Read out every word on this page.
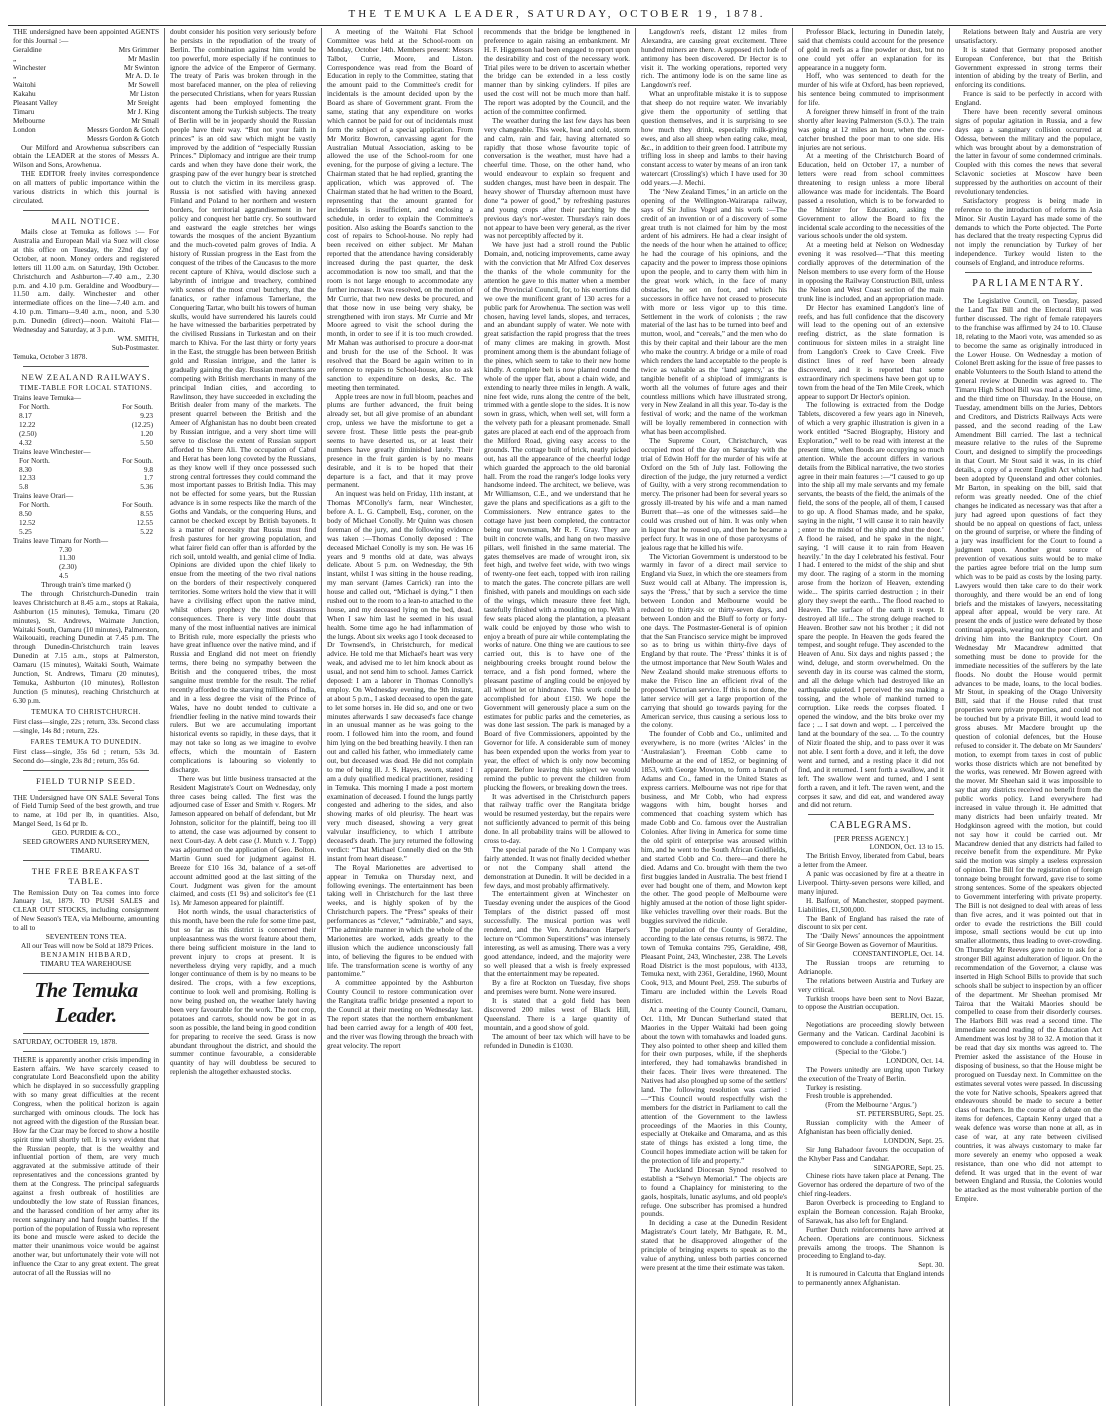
THE TEMUKA LEADER, SATURDAY, OCTOBER 19, 1878.

THE undersigned have been appointed AGENTS for this Journal :—

Geraldine	Mrs Grimmer
„	Mr Maslin
Winchester	Mr Swinton
„	Mr A. D. Ie
Waitohi	Mr Sowell
Kakahu	Mr Liston
Pleasant Valley	Mr Sreight
Timaru	Mr J. King
Melbourne	Mr Small
London	Messrs Gordon & Gotch
Messrs Gordon & Gotch

Our Milford and Arowhenua subscribers can obtain the LEADER at the stores of Messrs A. Wilson and Sons, Arowhenua.

THE EDITOR freely invites correspondence on all matters of public importance within the various districts in which this journal is circulated.

MAIL NOTICE.

Mails close at Temuka as follows :— For Australia and European Mail via Suez will close at this office on Tuesday, the 22nd day of October, at noon. Money orders and registered letters till 11.00 a.m. on Saturday, 19th October. Christchurch and Ashburton—7.40 a.m., 2.30 p.m. and 4.10 p.m. Geraldine and Woodbury—11.50 a.m. daily. Winchester and other intermediate offices on the line—7.40 a.m. and 4.10 p.m. Timaru—9.40 a.m., noon, and 5.30 p.m. Dunedin (direct)—noon. Waitohi Flat—Wednesday and Saturday, at 3 p.m.

WM. SMITH,
Sub-Postmaster.
Temuka, October 3 1878.
NEW ZEALAND RAILWAYS.
TIME-TABLE FOR LOCAL STATIONS.
Trains leave Temuka—
For North.	For South.
8.17	9.23
12.22	(12.25)
(2.50)	1.20
4.32	5.50
Trains leave Winchester—
For North.	For South.
8.30	9.8
12.33	1.7
5.8	5.36
Trains leave Orari—
For North.	For South.
8.50	8.55
12.52	12.55
5.25	5.22
Trains leave Timaru for North—
7.30
11.30
(2.30)
4.5
Through train's time marked ()

The through Christchurch-Dunedin train leaves Christchurch at 8.45 a.m., stops at Rakaia, Ashburton (15 minutes), Temuka, Timaru (20 minutes), St. Andrews, Waimate Junction, Waitaki South, Oamaru (10 minutes), Palmerston, Waikouaiti, reaching Dunedin at 7.45 p.m. The through Dunedin-Christchurch train leaves Dunedin at 7.15 a.m., stops at Palmerston, Oamaru (15 minutes), Waitaki South, Waimate Junction, St. Andrews, Timaru (20 minutes), Temuka, Ashburton (10 minutes), Rolleston Junction (5 minutes), reaching Christchurch at 6.30 p.m.

TEMUKA TO CHRISTCHURCH.

First class—single, 22s ; return, 33s. Second class—single, 14s 8d ; return, 22s.

FARES TEMUKA TO DUNEDIN.

First class—single, 35s 6d ; return, 53s 3d. Second do—single, 23s 8d ; return, 35s 6d.

FIELD TURNIP SEED.

THE Undersigned have ON SALE Several Tons of Field Turnip Seed of the best growth, and true to name, at 10d per lb, in quantities. Also, Mangel Seed, 1s 6d pr lb.

GEO. PURDIE & CO.,
SEED GROWERS AND NURSERYMEN,
TIMARU.
THE FREE BREAKFAST TABLE.

The Remission Duty on Tea comes into force January 1st, 1879. TO PUSH SALES and CLEAR OUT STOCKS, including consignment of New Season's TEA, via Melbourne, amounting to all to

SEVENTEEN TONS TEA.

All our Teas will now be Sold at 1879 Prices.

BENJAMIN HIBBARD,
TIMARU TEA WAREHOUSE
The Temuka Leader.
SATURDAY, OCTOBER 19, 1878.

THERE is apparently another crisis impending in Eastern affairs. We have scarcely ceased to congratulate Lord Beaconsfield upon the ability which he displayed in so successfully grappling with so many great difficulties at the recent Congress, when the political horizon is again surcharged with ominous clouds. The lock has not agreed with the digestion of the Russian bear. How far the Czar may be forced to show a hostile spirit time will shortly tell. It is very evident that the Russian people, that is the wealthy and influential portion of them, are very much aggravated at the submissive attitude of their representatives and the concessions granted by them at the Congress. The principal safeguards against a fresh outbreak of hostilities are undoubtedly the low state of Russian finances, and the harassed condition of her army after its recent sanguinary and hard fought battles. If the portion of the population of Russia who represent its bone and muscle were asked to decide the matter their unanimous voice would be against another war, but unfortunately their vote will not influence the Czar to any great extent. The great autocrat of all the Russias will no

doubt consider his position very seriously before he persists in the repudiation of the treaty of Berlin. The combination against him would be too powerful, more especially if he continues to ignore the advice of the Emperor of Germany. The treaty of Paris was broken through in the most barefaced manner, on the plea of relieving the persecuted Christians, when for years Russian agents had been employed fomenting the discontent among the Turkish subjects. The treaty of Berlin will be in jeopardy should the Russian people have their way. “But not your faith in princes” is an old saw which might be vastly improved by the addition of “especially Russian Princes.” Diplomacy and intrigue are their trump cards and when they have done their work, the grasping paw of the ever hungry bear is stretched out to clutch the victim in its merciless grasp. Russia is not satisfied with having annexed Finland and Poland to her northern and western borders, for territorial aggrandisement in her policy and conquest her battle cry. So southward and eastward the eagle stretches her wings towards the mosques of the ancient Byzantium and the much-coveted palm groves of India. A history of Russian progress in the East from the conquest of the tribes of the Caucasus to the more recent capture of Khiva, would disclose such a labyrinth of intrigue and treachery, combined with scenes of the most cruel butchery, that the fanatics, or rather infamous Tamerlane, the Conquering Tartar, who built his towers of human skulls, would have surrendered his laurels could he have witnessed the barbarities perpetrated by the civilised Russians in Turkestan and on their march to Khiva. For the last thirty or forty years in the East, the struggle has been between British gold and Russian intrigue, and the latter is gradually gaining the day. Russian merchants are competing with British merchants in many of the principal Indian cities, and according to Rawlinson, they have succeeded in excluding the British dealer from many of the markets. The present quarrel between the British and the Ameer of Afghanistan has no doubt been created by Russian intrigue, and a very short time will serve to disclose the extent of Russian support afforded to Shere Ali. The occupation of Cabul and Herat has been long coveted by the Russians, as they know well if they once possessed such strong central fortresses they could command the most important passes to British India. This may not be effected for some years, but the Russian advance is in some respects like the march of the Goths and Vandals, or the conquering Huns, and cannot be checked except by British bayonets. It is a matter of necessity that Russia must find fresh pastures for her growing population, and what fairer field can offer than is afforded by the rich soil, untold wealth, and genial clime of India. Opinions are divided upon the chief likely to ensue from the meeting of the two rival nations on the borders of their respectively conquered territories. Some writers hold the view that it will have a civilising effect upon the native mind, whilst others prophecy the most disastrous consequences. There is very little doubt that many of the most influential natives are inimical to British rule, more especially the priests who have great influence over the native mind, and if Russia and England did not meet on friendly terms, there being no sympathy between the British and the conquered tribes, the most sanguine must tremble for the result. The relief recently afforded to the starving millions of India, and in a less degree the visit of the Prince of Wales, have no doubt tended to cultivate a friendlier feeling in the native mind towards their rulers. But we are accumulating important historical events so rapidly, in these days, that it may not take so long as we imagine to evolve effects, which the mountain of Eastern complications is labouring so violently to discharge.

There was but little business transacted at the Resident Magistrate's Court on Wednesday, only three cases being called. The first was the adjourned case of Esser and Smith v. Rogers. Mr Jameson appeared on behalf of defendant, but Mr Johnston, solicitor for the plaintiff, being too ill to attend, the case was adjourned by consent to next Court-day. A debt case (J. Mutch v. J. Topp) was adjourned on the application of Geo. Bolton. Martin Gunn sued for judgment against H. Breeze for £10 16s 3d, balance of a set-off account admitted good at the last sitting of the Court. Judgment was given for the amount claimed, and costs (£1 9s) and solicitor's fee (£1 1s). Mr Jameson appeared for plaintiff.

Hot north winds, the usual characteristics of this month, have been the rule for some time past, but so far as this district is concerned their unpleasantness was the worst feature about them, there being sufficient moisture in the land to prevent injury to crops at present. It is nevertheless drying very rapidly, and a much longer continuance of them is by no means to be desired. The crops, with a few exceptions, continue to look well and promising. Rolling is now being pushed on, the weather lately having been very favourable for the work. The root crop, potatoes and carrots, should now be got in as soon as possible, the land being in good condition for preparing to receive the seed. Grass is now abundant throughout the district, and should the summer continue favourable, a considerable quantity of hay will doubtless be secured to replenish the altogether exhausted stocks.

A meeting of the Waitohi Flat School Committee was held at the School-room on Monday, October 14th. Members present: Messrs Talbot, Currie, Moore, and Liston. Correspondence was read from the Board of Education in reply to the Committee, stating that the amount paid to the Committee's credit for incidentals is the amount decided upon by the Board as share of Government grant. From the same, stating that any expenditure on works which cannot be paid for out of incidentals must form the subject of a special application. From Mr Moritz Bowron, canvassing agent for the Australian Mutual Association, asking to be allowed the use of the School-room for one evening, for the purpose of giving a lecture. The Chairman stated that he had replied, granting the application, which was approved of. The Chairman stated that he had written to the Board, representing that the amount granted for incidentals is insufficient, and enclosing a schedule, in order to explain the Committee's position. Also asking the Board's sanction to the cost of repairs to School-house. No reply had been received on either subject. Mr Mahan reported that the attendance having considerably increased during the past quarter, the desk accommodation is now too small, and that the room is not large enough to accommodate any further increase. It was resolved, on the motion of Mr Currie, that two new desks be procured, and that those now in use being very shaky, be strengthened with iron stays. Mr Currie and Mr Moore agreed to visit the school during the month, in order to see if it is too much crowded. Mr Mahan was authorised to procure a door-mat and brush for the use of the School. It was resolved that the Board be again written to in reference to repairs to School-house, also to ask sanction to expenditure on desks, &c. The meeting then terminated.

Apple trees are now in full bloom, peaches and plums are further advanced, the fruit being already set, but all give promise of an abundant crop, unless we have the misfortune to get a severe frost. These little pests the pear-grub seems to have deserted us, or at least their numbers have greatly diminished lately. Their presence in the fruit garden is by no means desirable, and it is to be hoped that their departure is a fact, and that it may prove permanent.

An inquest was held on Friday, 11th instant, at Thomas M'Conolly's farm, near Winchester, before A. L. G. Campbell, Esq., coroner, on the body of Michael Conolly. Mr Quinn was chosen foreman of the jury, and the following evidence was taken :—Thomas Conolly deposed : The deceased Michael Conolly is my son. He was 16 years and 9 months old at date, was always delicate. About 5 p.m. on Wednesday, the 9th instant, whilst I was sitting in the house reading, my man servant (James Carrick) ran into the house and called out, “Michael is dying.” I then rushed out to the room to a lean-to attached to the house, and my deceased lying on the bed, dead. When I saw him last he seemed in his usual health. Some time ago he had inflammation of the lungs. About six weeks ago I took deceased to Dr Townsend's, in Christchurch, for medical advice. He told me that Michael's heart was very weak, and advised me to let him knock about as usual, and not send him to school. James Carrick deposed: I am a laborer in Thomas Connolly's employ. On Wednesday evening, the 9th instant, at about 5 p.m., I asked deceased to open the gate to let some horses in. He did so, and one or two minutes afterwards I saw deceased's face change in an unusual manner as he was going to the room. I followed him into the room, and found him lying on the bed breathing heavily. I then ran out and called his father, who immediately came out, but deceased was dead. He did not complain to me of being ill. J. S. Hayes, sworn, stated : I am a duly qualified medical practitioner, residing in Temuka. This morning I made a post mortem examination of deceased. I found the lungs partly congested and adhering to the sides, and also showing marks of old pleurisy. The heart was very much diseased, showing a very great valvular insufficiency, to which I attribute deceased's death. The jury returned the following verdict: “That Michael Connelly died on the 9th instant from heart disease.”

The Royal Marionettes are advertised to appear in Temuka on Thursday next, and following evenings. The entertainment has been taking well in Christchurch for the last three weeks, and is highly spoken of by the Christchurch papers. The “Press” speaks of their performances as “clever,” “admirable,” and says, “The admirable manner in which the whole of the Marionettes are worked, adds greatly to the illusion which the audience unconsciously fall into, of believing the figures to be endued with life. The transformation scene is worthy of any pantomime.”

A committee appointed by the Ashburton County Council to restore communication over the Rangitata traffic bridge presented a report to the Council at their meeting on Wednesday last. The report states that the northern embankment had been carried away for a length of 400 feet, and the river was flowing through the breach with great velocity. The report

recommends that the bridge be lengthened in preference to again raising an embankment. Mr H. F. Higgenson had been engaged to report upon the desirability and cost of the necessary work. Trial piles were to be driven to ascertain whether the bridge can be extended in a less costly manner than by sinking cylinders. If piles are used the cost will not be much more than half. The report was adopted by the Council, and the action of the committee confirmed.

The weather during the last few days has been very changeable. This week, heat and cold, storm and calm, rain and fair, having alternated so rapidly that those whose favourite topic of conversation is the weather, must have had a cheerful time. Those, on the other hand, who would endeavour to explain so frequent and sudden changes, must have been in despair. The heavy shower of Thursday afternoon must have done “a power of good,” by refreshing pastures and young crops after their parching by the previous day's nor'-wester. Thursday's rain does not appear to have been very general, as the river was not perceptibly affected by it.

We have just had a stroll round the Public Domain, and, noticing improvements, came away with the conviction that Mr Alfred Cox deserves the thanks of the whole community for the attention he gave to this matter when a member of the Provincial Council, for, to his exertions did we owe the munificent grant of 130 acres for a public park for Arowhenua. The section was well chosen, having level lands, slopes, and terraces, and an abundant supply of water. We note with great satisfaction the rapid progress that the trees of many climes are making in growth. Most prominent among them is the abundant foliage of the pines, which seem to take to their new home kindly. A complete belt is now planted round the whole of the upper flat, about a chain wide, and extending to nearly three miles in length. A walk, nine feet wide, runs along the centre of the belt, trimmed with a gentle slope to the sides. It is now sown in grass, which, when well set, will form a the velvety path for a pleasant promenade. Small gates are placed at each end of the approach from the Milford Road, giving easy access to the grounds. The cottage built of brick, neatly picked out, has all the appearance of the cheerful lodge which guarded the approach to the old baronial hall. From the road the ranger's lodge looks very handsome indeed. The architect, we believe, was Mr Williamson, C.E., and we understand that he gave the plans and specifications as a gift to the Commissioners. New entrance gates to the cottage have just been completed, the contractor being our townsman, Mr R. F. Gray. They are built in concrete walls, and hang on two massive pillars, well finished in the same material. The gates themselves are made of wrought iron, six feet high, and twelve feet wide, with two wings of twenty-one feet each, topped with iron railing to match the gates. The concrete pillars are well finished, with panels and mouldings on each side of the wings, which measure three feet high, tastefully finished with a moulding on top. With a few seats placed along the plantation, a pleasant walk could be enjoyed by those who wish to enjoy a breath of pure air while contemplating the works of nature. One thing we are cautious to see carried out, this is to have one of the neighbouring creeks brought round below the terrace, and a fish pond formed, where the pleasant pastime of angling could be enjoyed by all without let or hindrance. This work could be accomplished for about £150. We hope the Government will generously place a sum on the estimates for public parks and the cemeteries, as was done last session. The park is managed by a Board of five Commissioners, appointed by the Governor for life. A considerable sum of money has been expended upon the works from year to year, the effect of which is only now becoming apparent. Before leaving this subject we would remind the public to prevent the children from plucking the flowers, or breaking down the trees.

It was advertised in the Christchurch papers that railway traffic over the Rangitata bridge would be resumed yesterday, but the repairs were not sufficiently advanced to permit of this being done. In all probability trains will be allowed to cross to-day.

The special parade of the No 1 Company was fairly attended. It was not finally decided whether or not the Company shall attend the demonstration at Dunedin. It will be decided in a few days, and most probably affirmatively.

The entertainment given at Winchester on Tuesday evening under the auspices of the Good Templars of the district passed off most successfully. The musical portion was well rendered, and the Ven. Archdeacon Harper's lecture on “Common Superstitions” was intensely interesting, as well as amusing. There was a very good attendance, indeed, and the majority were so well pleased that a wish is freely expressed that the entertainment may be repeated.

By a fire at Rockton on Tuesday, five shops and premises were burnt. None were insured.

It is stated that a gold field has been discovered 200 miles west of Black Hill, Queensland. There is a large quantity of mountain, and a good show of gold.

The amount of beer tax which will have to be refunded in Dunedin is £1030.

Langdown's reefs, distant 12 miles from Alexandra, are causing great excitement. Three hundred miners are there. A supposed rich lode of antimony has been discovered. Dr Hector is to visit it. The working operations, reported very rich. The antimony lode is on the same line as Langdown's reef.

What an unprofitable mistake it is to suppose that sheep do not require water. We invariably give them the opportunity of settling that question themselves, and it is surprising to see how much they drink, especially milk-giving ewes, and also all sheep when eating cake, meal, &c., in addition to their green food. I attribute my trifling loss in sheep and lambs to their having constant access to water by means of an iron tank watercart (Crossling's) which I have used for 30 odd years.—J. Mechi.

The ‘New Zealand Times,’ in an article on the opening of the Wellington-Wairarapa railway, says of Sir Julius Vogel and his work :—The credit of an invention or of a discovery of some great truth is not claimed for him by the most ardent of his admirers. He had a clear insight of the needs of the hour when he attained to office; he had the courage of his opinions, and the capacity and the power to impress those opinions upon the people, and to carry them with him in the great work which, in the face of many obstacles, he set on foot, and which his successors in office have not ceased to prosecute with more or less vigor up to this time. Settlement in the work of colonists ; the raw material of the last has to be turned into beef and mutton, wool, and “cereals,” and the men who do this by their capital and their labour are the men who make the country. A bridge or a mile of road which renders the land acceptable to the people is twice as valuable as the ‘land agency,’ as the tangible benefit of a shipload of immigrants is worth all the volumes of future ages and their countless millions which have illustrated strong, very in New Zealand in all this year. To-day is the festival of work; and the name of the workman will be loyally remembered in connection with what has been accomplished.

The Supreme Court, Christchurch, was occupied most of the day on Saturday with the trial of Edwin Hoff for the murder of his wife at Oxford on the 5th of July last. Following the direction of the judge, the jury returned a verdict of Guilty, with a very strong recommendation to mercy. The prisoner had been for several years so grossly ill-treated by his wife and a man named Burrett that—as one of the witnesses said—he could was crushed out of him. It was only when in liquor that he roused up, and then he became a perfect fury. It was in one of those paroxysms of jealous rage that he killed his wife.

The Victorian Government is understood to be warmly in favor of a direct mail service to England via Suez, in which the ore steamers from Suez would call at Albany. The impression is, says the ‘Press,’ that by such a service the time between London and Melbourne would be reduced to thirty-six or thirty-seven days, and between London and the Bluff to forty or forty-one days. The Postmaster-General is of opinion that the San Francisco service might be improved so as to bring us within thirty-five days of England by that route. The ‘Press’ thinks it is of the utmost importance that New South Wales and New Zealand should make strenuous efforts to make the Frisco line an efficient rival of the proposed Victorian service. If this is not done, the latter service will get a large proportion of the carrying that should go towards paying for the American service, thus causing a serious loss to the colony.

The founder of Cobb and Co., unlimited and everywhere, is no more (writes ‘Alcles’ in the ‘Australasian’). Freeman Cobb came to Melbourne at the end of 1852, or beginning of 1853, with George Mowton, to form a branch of Adams and Co., famed in the United States as express carriers. Melbourne was not ripe for that business, and Mr Cobb, who had express waggons with him, bought horses and commenced that coaching system which has made Cobb and Co. famous over the Australian Colonies. After living in America for some time the old spirit of enterprise was aroused within him, and he went to the South African Goldfields, and started Cobb and Co. there—and there he died. Adams and Co. brought with them the two first buggies landed in Australia. The best friend I ever had bought one of them, and Mowton kept the other. The good people of Melbourne were highly amused at the notion of those light spider-like vehicles travelling over their roads. But the buggies survived the ridicule.

The population of the County of Geraldine, according to the late census returns, is 9872. The town of Temuka contains 795, Geraldine, 498, Pleasant Point, 243, Winchester, 238. The Levels Road District is the most populous, with 4133, Temuka next, with 2361, Geraldine, 1960, Mount Cook, 913, and Mount Peel, 259. The suburbs of Timaru are included within the Levels Road district.

At a meeting of the County Council, Oamaru, Oct. 11th, Mr Duncan Sutherland stated that Maories in the Upper Waitaki had been going about the town with tomahawks and loaded guns. They also pointed to other sheep and killed them for their own purposes, while, if the shepherds interfered, they had tomahawks brandished in their faces. Their lives were threatened. The Natives had also ploughed up some of the settlers' land. The following resolution was carried :—“This Council would respectfully wish the members for the district in Parliament to call the attention of the Government to the lawless proceedings of the Maories in this County, especially at Otekaike and Omarama, and as this state of things has existed a long time, the Council hopes immediate action will be taken for the protection of life and property.”

The Auckland Diocesan Synod resolved to establish a “Selwyn Memorial.” The objects are to found a Chaplaincy for ministering to the gaols, hospitals, lunatic asylums, and old people's refuge. One subscriber has promised a hundred pounds.

In deciding a case at the Dunedin Resident Magistrate's Court lately, Mr Bathgate, R. M., stated that he disapproved altogether of the principle of bringing experts to speak as to the value of anything, unless both parties concerned were present at the time their estimate was taken.

Professor Black, lecturing in Dunedin lately, said that chemists could account for the presence of gold in reefs as a fine powder or dust, but no one could yet offer an explanation for its appearance in a nuggety form.

Hoff, who was sentenced to death for the murder of his wife at Oxford, has been reprieved, his sentence being commuted to imprisonment for life.

A foreigner threw himself in front of the train shortly after leaving Palmerston (S.O.). The train was going at 12 miles an hour, when the cow-catcher brushed the poor man to one side. His injuries are not serious.

At a meeting of the Christchurch Board of Education, held on October 17, a number of letters were read from school committees threatening to resign unless a more liberal allowance was made for incidentals. The Board passed a resolution, which is to be forwarded to the Minister for Education, asking the Government to allow the Board to fix the incidental scale according to the necessities of the various schools under the old system.

At a meeting held at Nelson on Wednesday evening it was resolved—“That this meeting cordially approves of the determination of the Nelson members to use every form of the House in opposing the Railway Construction Bill, unless the Nelson and West Coast section of the main trunk line is included, and an appropriation made.

Dr Hector has examined Langdon's line of reefs, and has full confidence that the discovery will lead to the opening out of an extensive reefing district, as the slate formation is continuous for sixteen miles in a straight line from Langdon's Creek to Cave Creek. Five distinct lines of reef have been already discovered, and it is reported that some extraordinary rich specimens have been got up to town from the head of the Ten Mile Creek, which appear to support Dr Hector's opinion.

The following is extracted from the Dodge Tablets, discovered a few years ago in Nineveh, of which a very graphic illustration is given in a work entitled “Sacred Biography, History and Exploration,” well to be read with interest at the present time, when floods are occupying so much attention. While the account differs in various details from the Biblical narrative, the two stories agree in their main features :—“I caused to go up into the ship all my male servants and my female servants, the beasts of the field, the animals of the field, the sons of the people, all of them, I caused to go up. A flood Shamas made, and he spake, saying in the night, ‘I will cause it to rain heavily ; enter to the midst of the ship and shut the door.’ A flood he raised, and he spake in the night, saying, ‘I will cause it to rain from Heaven heavily.’ In the day I celebrated his festival. Four I had. I entered to the midst of the ship and shut my door. The raging of a storm in the morning arose from the horizon of Heaven, extending wide... The spirits carried destruction ; in their glory they swept the earth... The flood reached to Heaven. The surface of the earth it swept. It destroyed all life... The strong deluge reached to Heaven. Brother saw not his brother ; it did not spare the people. In Heaven the gods feared the tempest, and sought refuge. They ascended to the Heaven of Anu. Six days and nights passed ; the wind, deluge, and storm overwhelmed. On the seventh day in its course was calmed the storm, and all the deluge which had destroyed like an earthquake quieted. I perceived the sea making a tossing, and the whole of mankind turned to corruption. Like reeds the corpses floated. I opened the window, and the bits broke over my face ; ... I sat down and wept. ... I perceived the land at the boundary of the sea. ... To the country of Nizir floated the ship, and to pass over it was not able. I sent forth a dove, and it left, the dove went and turned, and a resting place it did not find, and it returned. I sent forth a swallow, and it left. The swallow went and turned, and I sent forth a raven, and it left. The raven went, and the corpses it saw, and did eat, and wandered away and did not return.

CABLEGRAMS.
[PER PRESS AGENCY.]
LONDON, Oct. 13 to 15.

The British Envoy, liberated from Cabul, bears a letter from the Ameer.

A panic was occasioned by fire at a theatre in Liverpool. Thirty-seven persons were killed, and many injured.

H. Balfour, of Manchester, stopped payment. Liabilities, £1,500,000.

The Bank of England has raised the rate of discount to six per cent.

The ‘Daily News’ announces the appointment of Sir George Bowen as Governor of Mauritius.

CONSTANTINOPLE, Oct. 14.

The Russian troops are returning to Adrianople.

The relations between Austria and Turkey are very critical.

Turkish troops have been sent to Novi Bazar, to oppose the Austrian occupation.

BERLIN, Oct. 15.

Negotiations are proceeding slowly between Germany and the Vatican. Cardinal Jacobini is empowered to conclude a confidential mission.

(Special to the ‘Globe.’)
LONDON, Oct. 14.

The Powers unitedly are urging upon Turkey the execution of the Treaty of Berlin.

Turkey is resisting.

Fresh trouble is apprehended.

(From the Melbourne ‘Argus.’)
ST. PETERSBURG, Sept. 25.

Russian complicity with the Ameer of Afghanistan has been officially denied.

LONDON, Sept. 25.

Sir Jung Bahadoor favours the occupation of the Khyber Pass and Candahar.

SINGAPORE, Sept. 25.

Chinese riots have taken place at Penang. The Governor has ordered the departure of two of the chief ring-leaders.

Baron Overbeck is proceeding to England to explain the Bornean concession. Rajah Brooke, of Sarawak, has also left for England.

Further Dutch reinforcements have arrived at Acheen. Operations are continuous. Sickness prevails among the troops. The Shannon is proceeding to England to-day.

Sept. 30.

It is rumoured in Calcutta that England intends to permanently annex Afghanistan.

Relations between Italy and Austria are very unsatisfactory.

It is stated that Germany proposed another European Conference, but that the British Government expressed in strong terms their intention of abiding by the treaty of Berlin, and enforcing its conditions.

France is said to be perfectly in accord with England.

There have been recently several ominous signs of popular agitation in Russia, and a few days ago a sanguinary collision occurred at Odessa, between the military and the populace, which was brought about by a demonstration of the latter in favour of some condemned criminals. Coupled with this comes the news that several Sclavonic societies at Moscow have been suppressed by the authorities on account of their revolutionary tendencies.

Satisfactory progress is being made in reference to the introduction of reforms in Asia Minor. Sir Austin Layard has made some of the demands to which the Porte objected. The Porte has declared that the treaty respecting Cyprus did not imply the renunciation by Turkey of her independence. Turkey would listen to the counsels of England, and introduce reforms.

PARLIAMENTARY.

The Legislative Council, on Tuesday, passed the Land Tax Bill and the Electoral Bill was further discussed. The right of female ratepayers to the franchise was affirmed by 24 to 10. Clause 18, relating to the Maori vote, was amended so as to become the same as originally introduced in the Lower House. On Wednesday a motion of Colonel Brett asking for the issue of free passes to enable Volunteers to the South Island to attend the general review at Dunedin was agreed to. The Timaru High School Bill was read a second time, and the third time on Thursday. In the House, on Tuesday, amendment bills on the Juries, Debtors and Creditors, and Districts Railways Acts were passed, and the second reading of the Law Amendment Bill carried. The last a technical measure relative to the rules of the Supreme Court, and designed to simplify the proceedings in that Court. Mr Stout said it was, in its chief details, a copy of a recent English Act which had been adopted by Queensland and other colonies. Mr Barton, in speaking on the bill, said that reform was greatly needed. One of the chief changes he indicated as necessary was that after a jury had agreed upon questions of fact they should be no appeal on questions of fact, unless on the ground of surprise, or where the finding of a jury was insufficient for the Court to found a judgment upon. Another great source of prevention of vexatious suits would be to make the parties agree before trial on the lump sum which was to be paid as costs by the losing party. Lawyers would then take care to do their work thoroughly, and there would be an end of long briefs and the mistakes of lawyers, necessitating appeal after appeal, would be very rare. At present the ends of justice were defeated by those continual appeals, wearing out the poor client and driving him into the Bankruptcy Court. On Wednesday Mr Macandrew admitted that something must be done to provide for the immediate necessities of the sufferers by the late floods. No doubt the House would permit advances to be made, loans, to the local bodies. Mr Stout, in speaking of the Otago University Bill, said that if the House ruled that trust properties were private properties, and could not be touched but by a private Bill, it would lead to gross abuses. Mr Macdere brought up the question of colonial defences, but the House refused to consider it. The debate on Mr Saunders' motion, to exempt from taxes in cost of public works those districts which are not benefited by the works, was renewed. Mr Bowen agreed with the mover. Mr Sheehan said it was impossible to say that any districts received no benefit from the public works policy. Land everywhere had increased in value through it. He admitted that many districts had been unfairly treated. Mr Hodgkinson agreed with the motion, but could not say how it could be carried out. Mr Macandrew denied that any districts had failed to receive benefit from the expenditure. Mr Pyke said the motion was simply a useless expression of opinion. The Bill for the registration of foreign tonnage being brought forward, gave rise to some strong sentences. Some of the speakers objected to Government interfering with private property. The Bill is not designed to deal with areas of less than five acres, and it was pointed out that in order to evade the restrictions the Bill could impose, small sections would be cut up into smaller allotments, thus leading to over-crowding. On Thursday Mr Reeves gave notice to ask for a stronger Bill against adulteration of liquor. On the recommendation of the Governor, a clause was inserted in High School Bills to provide that such schools shall be subject to inspection by an officer of the department. Mr Sheehan promised Mr Tairoa that the Waitaki Maories should be compelled to cease from their disorderly courses. The Harbors Bill was read a second time. The immediate second reading of the Education Act Amendment was lost by 38 to 32. A motion that it be read that day six months was agreed to. The Premier asked the assistance of the House in disposing of business, so that the House might be prorogued on Tuesday next. In Committee on the estimates several votes were passed. In discussing the vote for Native schools, Speakers agreed that endeavours should be made to secure a better class of teachers. In the course of a debate on the items for defences, Captain Kenny urged that a weak defence was worse than none at all, as in case of war, at any rate between civilised countries, it was always customary to make far more severely an enemy who opposed a weak resistance, than one who did not attempt to defend. It was urged that in the event of war between England and Russia, the Colonies would be attacked as the most vulnerable portion of the Empire.
